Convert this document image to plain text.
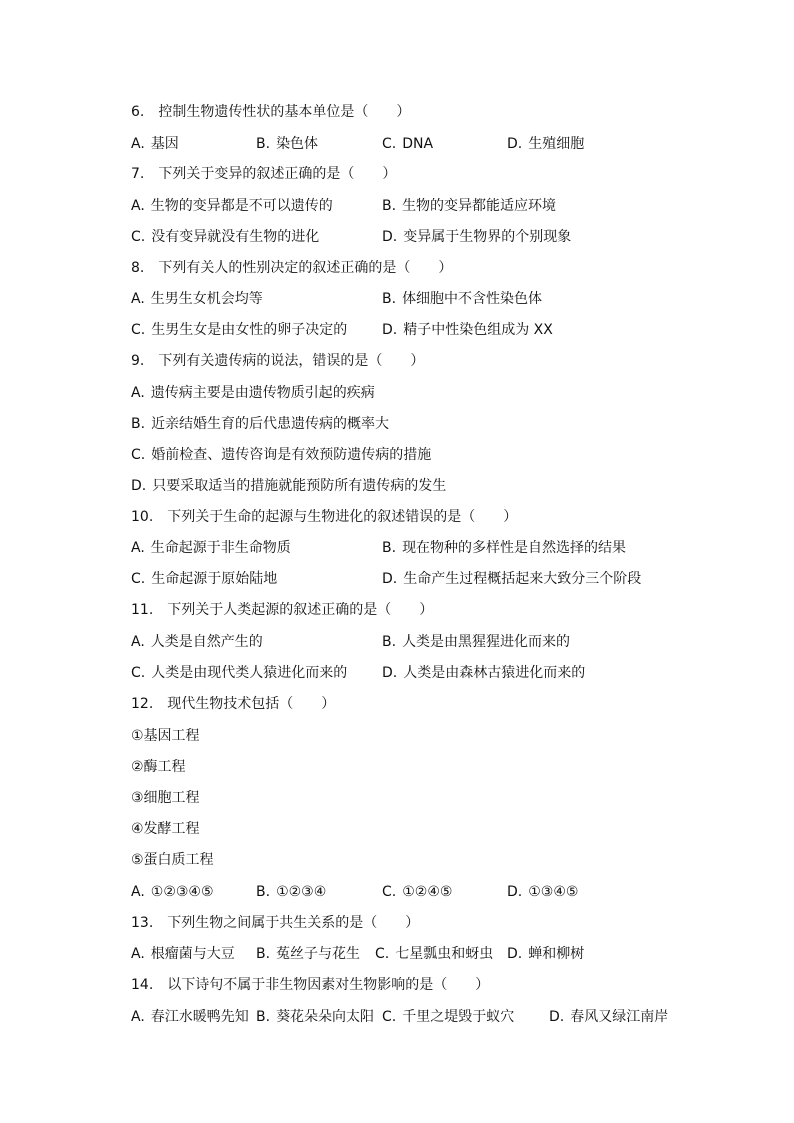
6. 控制生物遗传性状的基本单位是（　　）
A. 基因	B. 染色体	C. DNA	D. 生殖细胞
7. 下列关于变异的叙述正确的是（　　）
A. 生物的变异都是不可以遗传的	B. 生物的变异都能适应环境
C. 没有变异就没有生物的进化	D. 变异属于生物界的个别现象
8. 下列有关人的性别决定的叙述正确的是（　　）
A. 生男生女机会均等	B. 体细胞中不含性染色体
C. 生男生女是由女性的卵子决定的 D. 精子中性染色组成为 XX
9. 下列有关遗传病的说法，错误的是（　　）
A. 遗传病主要是由遗传物质引起的疾病
B. 近亲结婚生育的后代患遗传病的概率大
C. 婚前检查、遗传咨询是有效预防遗传病的措施
D. 只要采取适当的措施就能预防所有遗传病的发生
10. 下列关于生命的起源与生物进化的叙述错误的是（　　）
A. 生命起源于非生命物质	B. 现在物种的多样性是自然选择的结果
C. 生命起源于原始陆地	D. 生命产生过程概括起来大致分三个阶段
11. 下列关于人类起源的叙述正确的是（　　）
A. 人类是自然产生的	B. 人类是由黑猩猩进化而来的
C. 人类是由现代类人猿进化而来的 D. 人类是由森林古猿进化而来的
12. 现代生物技术包括（　　）
①基因工程
②酶工程
③细胞工程
④发酵工程
⑤蛋白质工程
A. ①②③④⑤	B. ①②③④	C. ①②④⑤	D. ①③④⑤
13. 下列生物之间属于共生关系的是（　　）
A. 根瘤菌与大豆 B. 菟丝子与花生 C. 七星瓢虫和蚜虫 D. 蝉和柳树
14. 以下诗句不属于非生物因素对生物影响的是（　　）
A. 春江水暖鸭先知 B. 葵花朵朵向太阳 C. 千里之堤毁于蚁穴 D. 春风又绿江南岸
